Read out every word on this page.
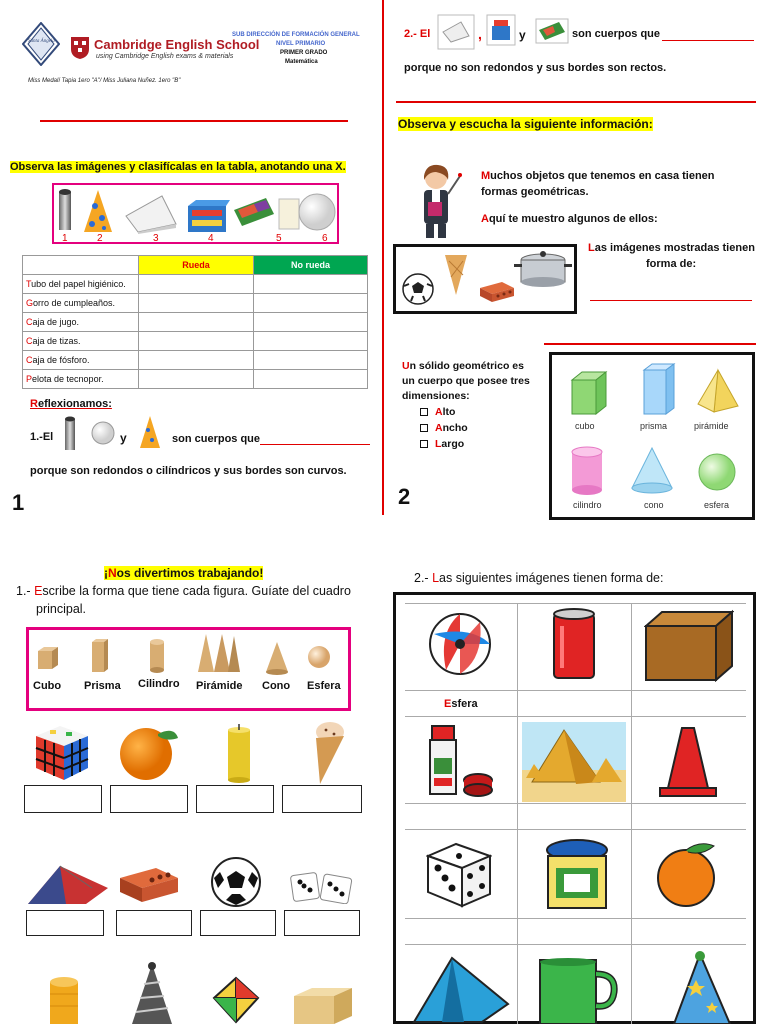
Santa Ángela	Cambridge English School
using Cambridge English exams & materials
SUB DIRECCIÓN DE FORMACIÓN GENERAL
NIVEL PRIMARIO
PRIMER GRADO
Matemática
Miss Medalí Tapia 1ero "A"/ Miss Juliana Nuñez. 1ero "B"
Observa las imágenes y clasifícalas en la tabla, anotando una X.
1	2	3	4	5	6
	Rueda	No rueda
Tubo del papel higiénico.		
Gorro de cumpleaños.		
Caja de jugo.		
Caja de tizas.		
Caja de fósforo.		
Pelota de tecnopor.		
Reflexionamos:
1.-El	y	son cuerpos que
porque son redondos o cilíndricos y sus bordes son curvos.
1
2.- El	,	y	son cuerpos que
porque no son redondos y sus bordes son rectos.
Observa y escucha la siguiente información:
Muchos objetos que tenemos en casa tienen
formas geométricas.
Aquí te muestro algunos de ellos:
Las imágenes mostradas tienen
forma de:
Un sólido geométrico es
un cuerpo que posee tres
dimensiones:
Alto
Ancho
Largo
2
cubo	prisma	pirámide
cilindro	cono	esfera
¡Nos divertimos trabajando!
1.- Escribe la forma que tiene cada figura. Guíate del cuadro
principal.
Cubo Prisma Cilindro Pirámide Cono Esfera
2.- Las siguientes imágenes tienen forma de:
Esfera
